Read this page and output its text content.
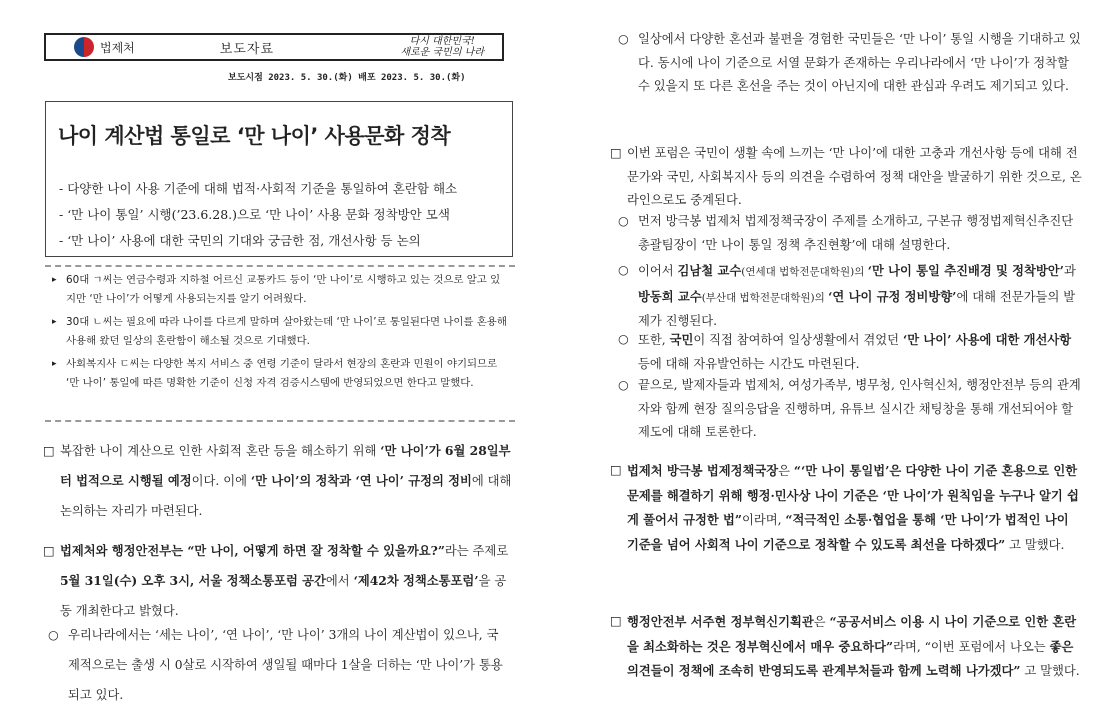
법제처	보도자료	다시 대한민국!
새로운 국민의 나라
보도시점 2023. 5. 30.(화) 배포 2023. 5. 30.(화)
나이 계산법 통일로 ‘만 나이’ 사용문화 정착
- 다양한 나이 사용 기준에 대해 법적·사회적 기준을 통일하여 혼란함 해소
- ‘만 나이 통일’ 시행(’23.6.28.)으로 ‘만 나이’ 사용 문화 정착방안 모색
- ‘만 나이’ 사용에 대한 국민의 기대와 궁금한 점, 개선사항 등 논의
▸ 60대 ㄱ씨는 연금수령과 지하철 어르신 교통카드 등이 ‘만 나이’로 시행하고 있는 것으로 알고 있지만 ‘만 나이’가 어떻게 사용되는지를 알기 어려웠다.
▸ 30대 ㄴ씨는 필요에 따라 나이를 다르게 말하며 살아왔는데 ‘만 나이’로 통일된다면 나이를 혼용해 사용해 왔던 일상의 혼란함이 해소될 것으로 기대했다.
▸ 사회복지사 ㄷ씨는 다양한 복지 서비스 중 연령 기준이 달라서 현장의 혼란과 민원이 야기되므로 ‘만 나이’ 통일에 따른 명확한 기준이 신청 자격 검증시스템에 반영되었으면 한다고 말했다.
□ 복잡한 나이 계산으로 인한 사회적 혼란 등을 해소하기 위해 ‘만 나이’가 6월 28일부터 법적으로 시행될 예정이다. 이에 ‘만 나이’의 정착과 ‘연 나이’ 규정의 정비에 대해 논의하는 자리가 마련된다.
□ 법제처와 행정안전부는 “만 나이, 어떻게 하면 잘 정착할 수 있을까요?”라는 주제로 5월 31일(수) 오후 3시, 서울 정책소통포럼 공간에서 ‘제42차 정책소통포럼’을 공동 개최한다고 밝혔다.
○ 우리나라에서는 ‘세는 나이’, ‘연 나이’, ‘만 나이’ 3개의 나이 계산법이 있으나, 국제적으로는 출생 시 0살로 시작하여 생일될 때마다 1살을 더하는 ‘만 나이’가 통용되고 있다.
○ 일상에서 다양한 혼선과 불편을 경험한 국민들은 ‘만 나이’ 통일 시행을 기대하고 있다. 동시에 나이 기준으로 서열 문화가 존재하는 우리나라에서 ‘만 나이’가 정착할 수 있을지 또 다른 혼선을 주는 것이 아닌지에 대한 관심과 우려도 제기되고 있다.
□ 이번 포럼은 국민이 생활 속에 느끼는 ‘만 나이’에 대한 고충과 개선사항 등에 대해 전문가와 국민, 사회복지사 등의 의견을 수렴하여 정책 대안을 발굴하기 위한 것으로, 온라인으로도 중계된다.
○ 먼저 방극봉 법제처 법제정책국장이 주제를 소개하고, 구본규 행정법제혁신추진단 총괄팀장이 ‘만 나이 통일 정책 추진현황’에 대해 설명한다.
○ 이어서 김남철 교수(연세대 법학전문대학원)의 ‘만 나이 통일 추진배경 및 정착방안’과 방동희 교수(부산대 법학전문대학원)의 ‘연 나이 규정 정비방향’에 대해 전문가들의 발제가 진행된다.
○ 또한, 국민이 직접 참여하여 일상생활에서 겪었던 ‘만 나이’ 사용에 대한 개선사항 등에 대해 자유발언하는 시간도 마련된다.
○ 끝으로, 발제자들과 법제처, 여성가족부, 병무청, 인사혁신처, 행정안전부 등의 관계자와 함께 현장 질의응답을 진행하며, 유튜브 실시간 채팅창을 통해 개선되어야 할 제도에 대해 토론한다.
□ 법제처 방극봉 법제정책국장은 “‘만 나이 통일법’은 다양한 나이 기준 혼용으로 인한 문제를 해결하기 위해 행정·민사상 나이 기준은 ‘만 나이’가 원칙임을 누구나 알기 쉽게 풀어서 규정한 법”이라며, “적극적인 소통·협업을 통해 ‘만 나이’가 법적인 나이 기준을 넘어 사회적 나이 기준으로 정착할 수 있도록 최선을 다하겠다” 고 말했다.
□ 행정안전부 서주현 정부혁신기획관은 “공공서비스 이용 시 나이 기준으로 인한 혼란을 최소화하는 것은 정부혁신에서 매우 중요하다”라며, “이번 포럼에서 나오는 좋은 의견들이 정책에 조속히 반영되도록 관계부처들과 함께 노력해 나가겠다” 고 말했다.
